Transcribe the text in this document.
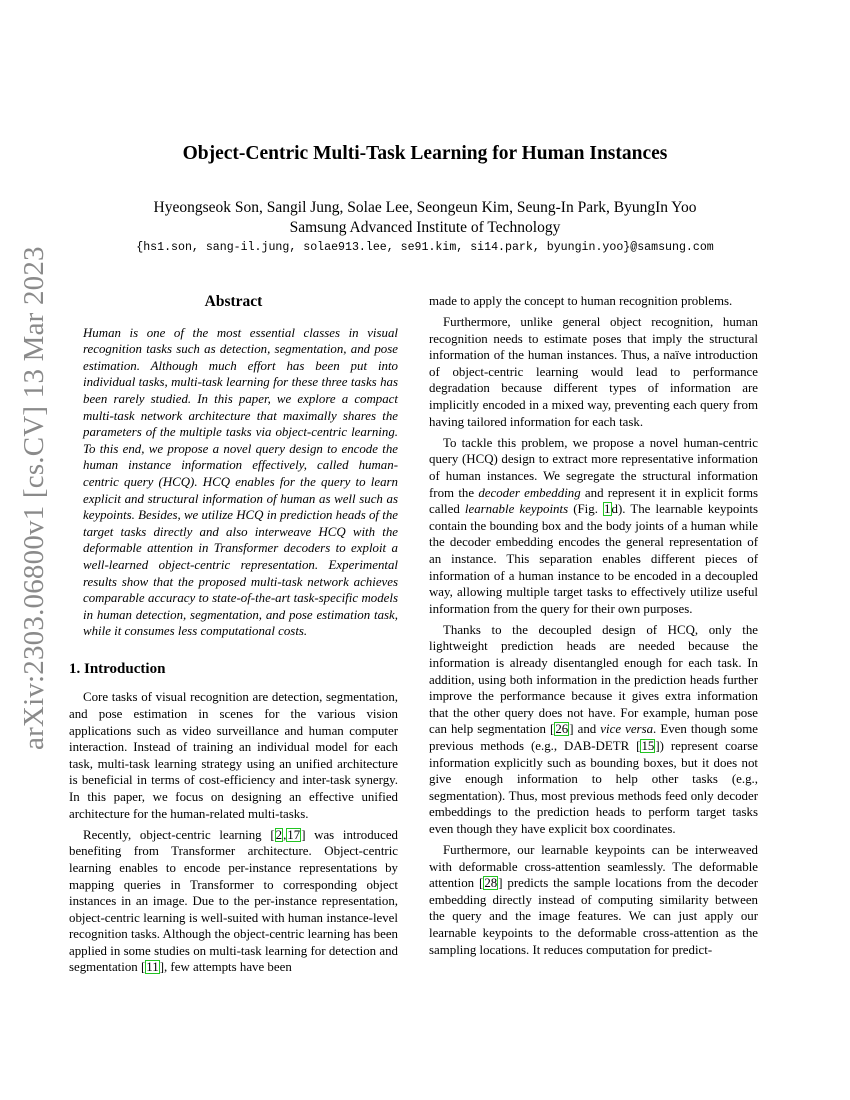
arXiv:2303.06800v1 [cs.CV] 13 Mar 2023
Object-Centric Multi-Task Learning for Human Instances
Hyeongseok Son, Sangil Jung, Solae Lee, Seongeun Kim, Seung-In Park, ByungIn Yoo
Samsung Advanced Institute of Technology
{hs1.son, sang-il.jung, solae913.lee, se91.kim, si14.park, byungin.yoo}@samsung.com
Abstract

Human is one of the most essential classes in visual recognition tasks such as detection, segmentation, and pose estimation. Although much effort has been put into individual tasks, multi-task learning for these three tasks has been rarely studied. In this paper, we explore a compact multi-task network architecture that maximally shares the parameters of the multiple tasks via object-centric learning. To this end, we propose a novel query design to encode the human instance information effectively, called human-centric query (HCQ). HCQ enables for the query to learn explicit and structural information of human as well such as keypoints. Besides, we utilize HCQ in prediction heads of the target tasks directly and also interweave HCQ with the deformable attention in Transformer decoders to exploit a well-learned object-centric representation. Experimental results show that the proposed multi-task network achieves comparable accuracy to state-of-the-art task-specific models in human detection, segmentation, and pose estimation task, while it consumes less computational costs.

1. Introduction

Core tasks of visual recognition are detection, segmentation, and pose estimation in scenes for the various vision applications such as video surveillance and human computer interaction. Instead of training an individual model for each task, multi-task learning strategy using an unified architecture is beneficial in terms of cost-efficiency and inter-task synergy. In this paper, we focus on designing an effective unified architecture for the human-related multi-tasks.

Recently, object-centric learning [2,17] was introduced benefiting from Transformer architecture. Object-centric learning enables to encode per-instance representations by mapping queries in Transformer to corresponding object instances in an image. Due to the per-instance representation, object-centric learning is well-suited with human instance-level recognition tasks. Although the object-centric learning has been applied in some studies on multi-task learning for detection and segmentation [11], few attempts have been

made to apply the concept to human recognition problems.

Furthermore, unlike general object recognition, human recognition needs to estimate poses that imply the structural information of the human instances. Thus, a naïve introduction of object-centric learning would lead to performance degradation because different types of information are implicitly encoded in a mixed way, preventing each query from having tailored information for each task.

To tackle this problem, we propose a novel human-centric query (HCQ) design to extract more representative information of human instances. We segregate the structural information from the decoder embedding and represent it in explicit forms called learnable keypoints (Fig. 1d). The learnable keypoints contain the bounding box and the body joints of a human while the decoder embedding encodes the general representation of an instance. This separation enables different pieces of information of a human instance to be encoded in a decoupled way, allowing multiple target tasks to effectively utilize useful information from the query for their own purposes.

Thanks to the decoupled design of HCQ, only the lightweight prediction heads are needed because the information is already disentangled enough for each task. In addition, using both information in the prediction heads further improve the performance because it gives extra information that the other query does not have. For example, human pose can help segmentation [26] and vice versa. Even though some previous methods (e.g., DAB-DETR [15]) represent coarse information explicitly such as bounding boxes, but it does not give enough information to help other tasks (e.g., segmentation). Thus, most previous methods feed only decoder embeddings to the prediction heads to perform target tasks even though they have explicit box coordinates.

Furthermore, our learnable keypoints can be interweaved with deformable cross-attention seamlessly. The deformable attention [28] predicts the sample locations from the decoder embedding directly instead of computing similarity between the query and the image features. We can just apply our learnable keypoints to the deformable cross-attention as the sampling locations. It reduces computation for predict-
